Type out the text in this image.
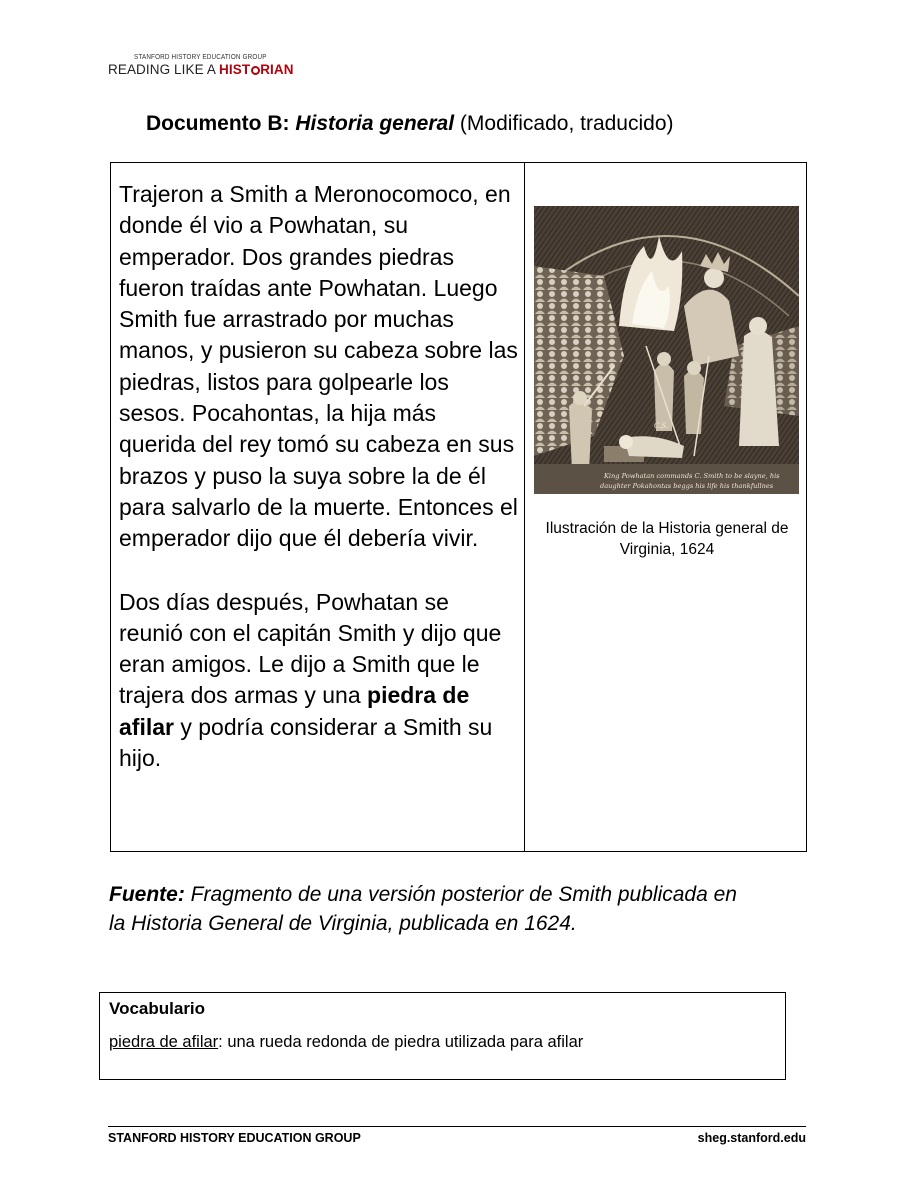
STANFORD HISTORY EDUCATION GROUP
READING LIKE A HIST RIAN
Documento B: Historia general (Modificado, traducido)

Trajeron a Smith a Meronocomoco, en donde él vio a Powhatan, su emperador. Dos grandes piedras fueron traídas ante Powhatan. Luego Smith fue arrastrado por muchas manos, y pusieron su cabeza sobre las piedras, listos para golpearle los sesos. Pocahontas, la hija más querida del rey tomó su cabeza en sus brazos y puso la suya sobre la de él para salvarlo de la muerte. Entonces el emperador dijo que él debería vivir.

Dos días después, Powhatan se reunió con el capitán Smith y dijo que eran amigos. Le dijo a Smith que le trajera dos armas y una piedra de afilar y podría considerar a Smith su hijo.

King Powhatan commands C. Smith to be slayne, his
daughter Pokahontas beggs his life his thankfullnes
C.S.
Ilustración de la Historia general de Virginia, 1624
Fuente: Fragmento de una versión posterior de Smith publicada en la Historia General de Virginia, publicada en 1624.
Vocabulario
piedra de afilar: una rueda redonda de piedra utilizada para afilar
STANFORD HISTORY EDUCATION GROUP	sheg.stanford.edu
